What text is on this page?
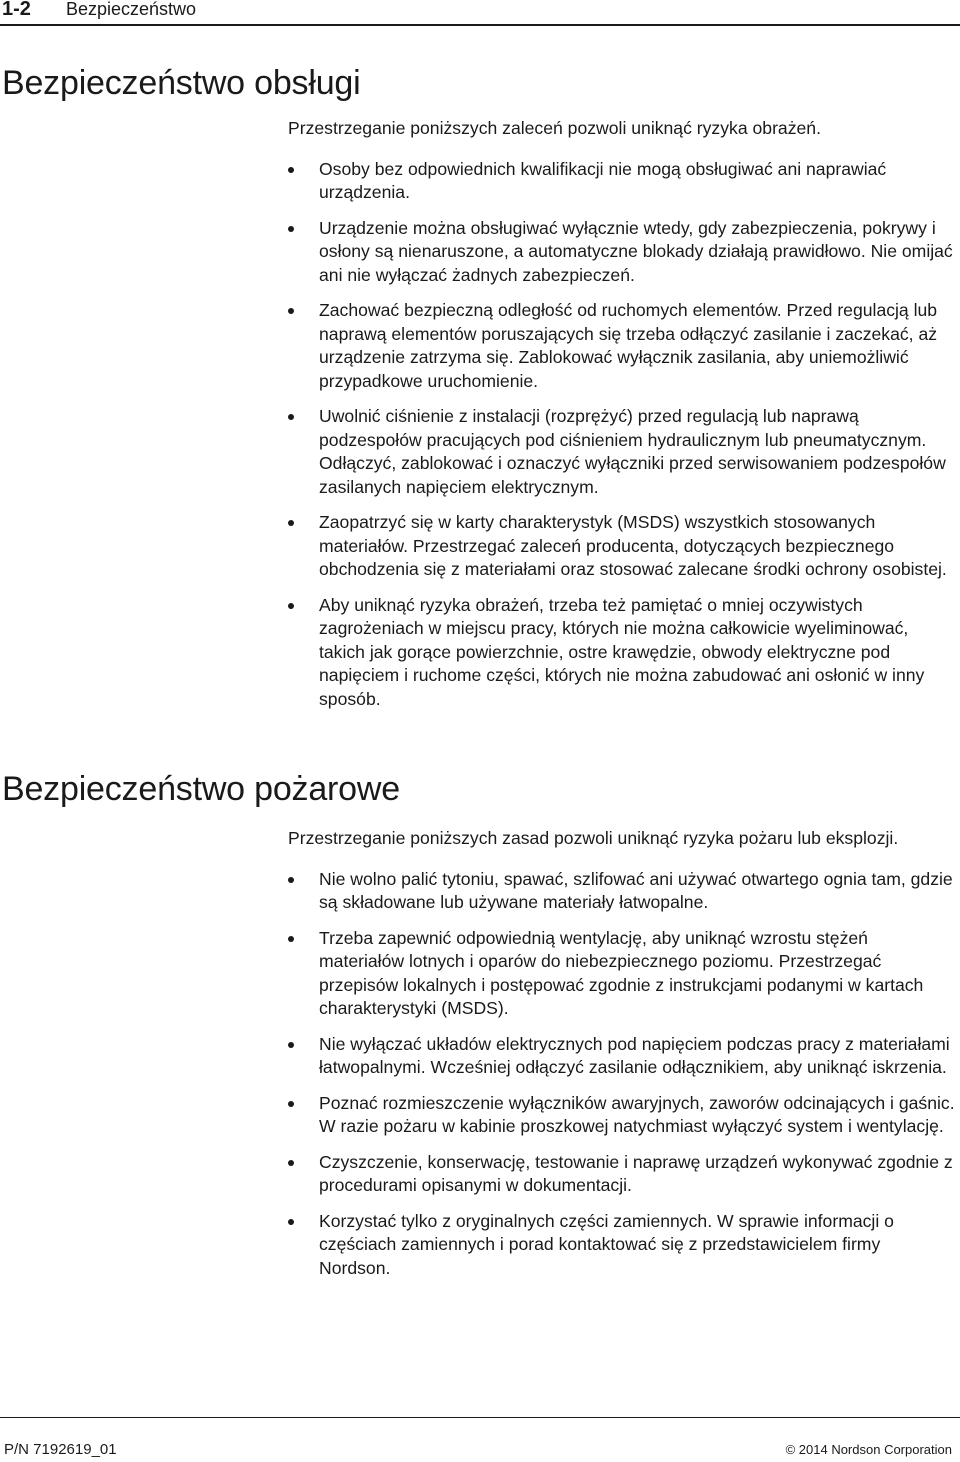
1-2 Bezpieczeństwo
Bezpieczeństwo obsługi

Przestrzeganie poniższych zaleceń pozwoli uniknąć ryzyka obrażeń.

Osoby bez odpowiednich kwalifikacji nie mogą obsługiwać ani naprawiać urządzenia.
Urządzenie można obsługiwać wyłącznie wtedy, gdy zabezpieczenia, pokrywy i osłony są nienaruszone, a automatyczne blokady działają prawidłowo. Nie omijać ani nie wyłączać żadnych zabezpieczeń.
Zachować bezpieczną odległość od ruchomych elementów. Przed regulacją lub naprawą elementów poruszających się trzeba odłączyć zasilanie i zaczekać, aż urządzenie zatrzyma się. Zablokować wyłącznik zasilania, aby uniemożliwić przypadkowe uruchomienie.
Uwolnić ciśnienie z instalacji (rozprężyć) przed regulacją lub naprawą podzespołów pracujących pod ciśnieniem hydraulicznym lub pneumatycznym. Odłączyć, zablokować i oznaczyć wyłączniki przed serwisowaniem podzespołów zasilanych napięciem elektrycznym.
Zaopatrzyć się w karty charakterystyk (MSDS) wszystkich stosowanych materiałów. Przestrzegać zaleceń producenta, dotyczących bezpiecznego obchodzenia się z materiałami oraz stosować zalecane środki ochrony osobistej.
Aby uniknąć ryzyka obrażeń, trzeba też pamiętać o mniej oczywistych zagrożeniach w miejscu pracy, których nie można całkowicie wyeliminować, takich jak gorące powierzchnie, ostre krawędzie, obwody elektryczne pod napięciem i ruchome części, których nie można zabudować ani osłonić w inny sposób.
Bezpieczeństwo pożarowe

Przestrzeganie poniższych zasad pozwoli uniknąć ryzyka pożaru lub eksplozji.

Nie wolno palić tytoniu, spawać, szlifować ani używać otwartego ognia tam, gdzie są składowane lub używane materiały łatwopalne.
Trzeba zapewnić odpowiednią wentylację, aby uniknąć wzrostu stężeń materiałów lotnych i oparów do niebezpiecznego poziomu. Przestrzegać przepisów lokalnych i postępować zgodnie z instrukcjami podanymi w kartach charakterystyki (MSDS).
Nie wyłączać układów elektrycznych pod napięciem podczas pracy z materiałami łatwopalnymi. Wcześniej odłączyć zasilanie odłącznikiem, aby uniknąć iskrzenia.
Poznać rozmieszczenie wyłączników awaryjnych, zaworów odcinających i gaśnic. W razie pożaru w kabinie proszkowej natychmiast wyłączyć system i wentylację.
Czyszczenie, konserwację, testowanie i naprawę urządzeń wykonywać zgodnie z procedurami opisanymi w dokumentacji.
Korzystać tylko z oryginalnych części zamiennych. W sprawie informacji o częściach zamiennych i porad kontaktować się z przedstawicielem firmy Nordson.
P/N 7192619_01	© 2014 Nordson Corporation
